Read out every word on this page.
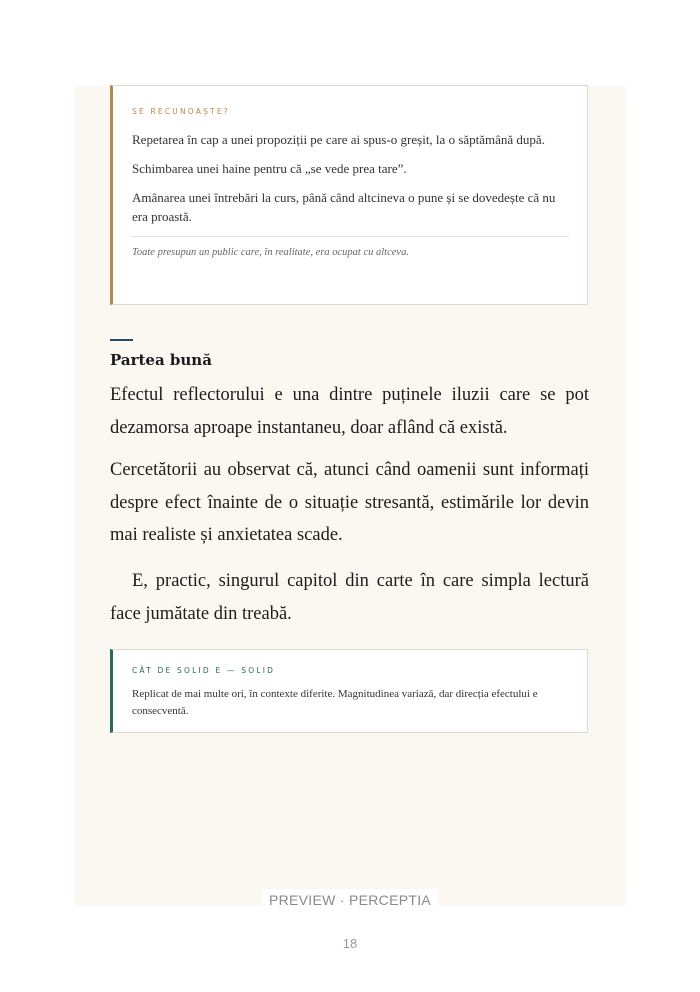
SE RECUNOAȘTE?

Repetarea în cap a unei propoziții pe care ai spus-o greșit, la o săptămână după.

Schimbarea unei haine pentru că „se vede prea tare”.

Amânarea unei întrebări la curs, până când altcineva o pune și se dovedește că nu era proastă.

Toate presupun un public care, în realitate, era ocupat cu altceva.

Partea bună

Efectul reflectorului e una dintre puținele iluzii care se pot dezamorsa aproape instantaneu, doar aflând că există.

Cercetătorii au observat că, atunci când oamenii sunt informați despre efect înainte de o situație stresantă, estimările lor devin mai realiste și anxietatea scade.

E, practic, singurul capitol din carte în care simpla lectură face jumătate din treabă.

CÂT DE SOLID E — SOLID

Replicat de mai multe ori, în contexte diferite. Magnitudinea variază, dar direcția efectului e consecventă.

PREVIEW · PERCEPTIA
18
